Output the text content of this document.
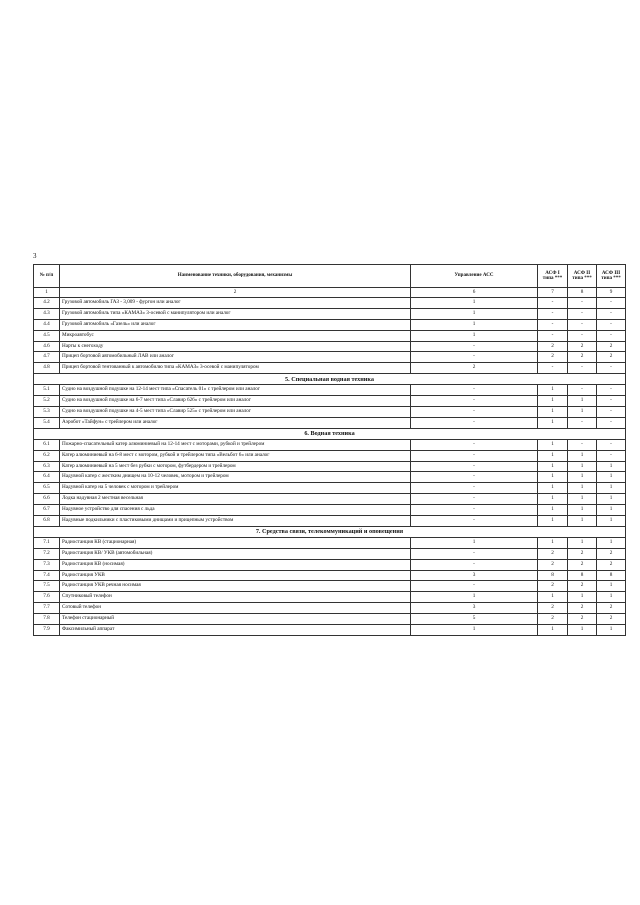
3
№ п/п	Наименование техники, оборудования, механизмы	Управление АСС	АСФ I типа ***	АСФ II типа ***	АСФ III типа ***
1	2	6	7	8	9
4.2	Грузовой автомобиль ГАЗ - 3,009 - фургон или аналог	1	-	-	-
4.3	Грузовой автомобиль типа «КАМАЗ» 3-осевой с манипулятором или аналог	1	-	-	-
4.4	Грузовой автомобиль «Газель» или аналог	1	-	-	-
4.5	Микроавтобус	1	-	-	-
4.6	Нарты к снегоходу	-	2	2	2
4.7	Прицеп бортовой автомобильный ЛАВ или аналог	-	2	2	2
4.8	Прицеп бортовой тентованный к автомобилю типа «КАМАЗ» 3-осевой с манипулятором	2	-	-	-
5. Специальная водная техника					
5.1	Судно на воздушной подушке на 12-14 мест типа «Спасатель 01» с трейлером или аналог	-	1	-	-
5.2	Судно на воздушной подушке на 6-7 мест типа «Славир 626» с трейлером или аналог	-	1	1	-
5.3	Судно на воздушной подушке на 4-5 мест типа «Славир 525» с трейлером или аналог	-	1	1	-
5.4	Аэробот «Тайфун» с трейлером или аналог	-	1	-	-
6. Водная техника					
6.1	Пожарно-спасательный катер алюминиевый на 12-14 мест с моторами, рубкой и трейлером	-	1	-	-
6.2	Катер алюминиевый на 6-8 мест с мотором, рубкой и трейлером типа «Вельбот 6» или аналог	-	1	1	-
6.3	Катер алюминиевый на 5 мест без рубки с мотором, футбердером и трейлером	-	1	1	1
6.4	Надувной катер с жестким днищем на 10-12 человек, мотором и трейлером	-	1	1	1
6.5	Надувной катер на 5 человек с мотором и трейлером	-	1	1	1
6.6	Лодка надувная 2 местная весельная	-	1	1	1
6.7	Надувное устройство для спасения с льда	-	1	1	1
6.8	Надувные подкильники с пластиковыми днищами и прицепным устройством	-	1	1	1
7. Средства связи, телекоммуникаций и оповещения					
7.1	Радиостанция КВ (стационарная)	1	1	1	1
7.2	Радиостанция КВ/ УКВ (автомобильная)	-	2	2	2
7.3	Радиостанция КВ (носимая)	-	2	2	2
7.4	Радиостанция УКВ	3	8	8	8
7.5	Радиостанция УКВ речная носимая	-	2	2	1
7.6	Спутниковый телефон	1	1	1	1
7.7	Сотовый телефон	3	2	2	2
7.8	Телефон стационарный	5	2	2	2
7.9	Факсимильный аппарат	1	1	1	1
